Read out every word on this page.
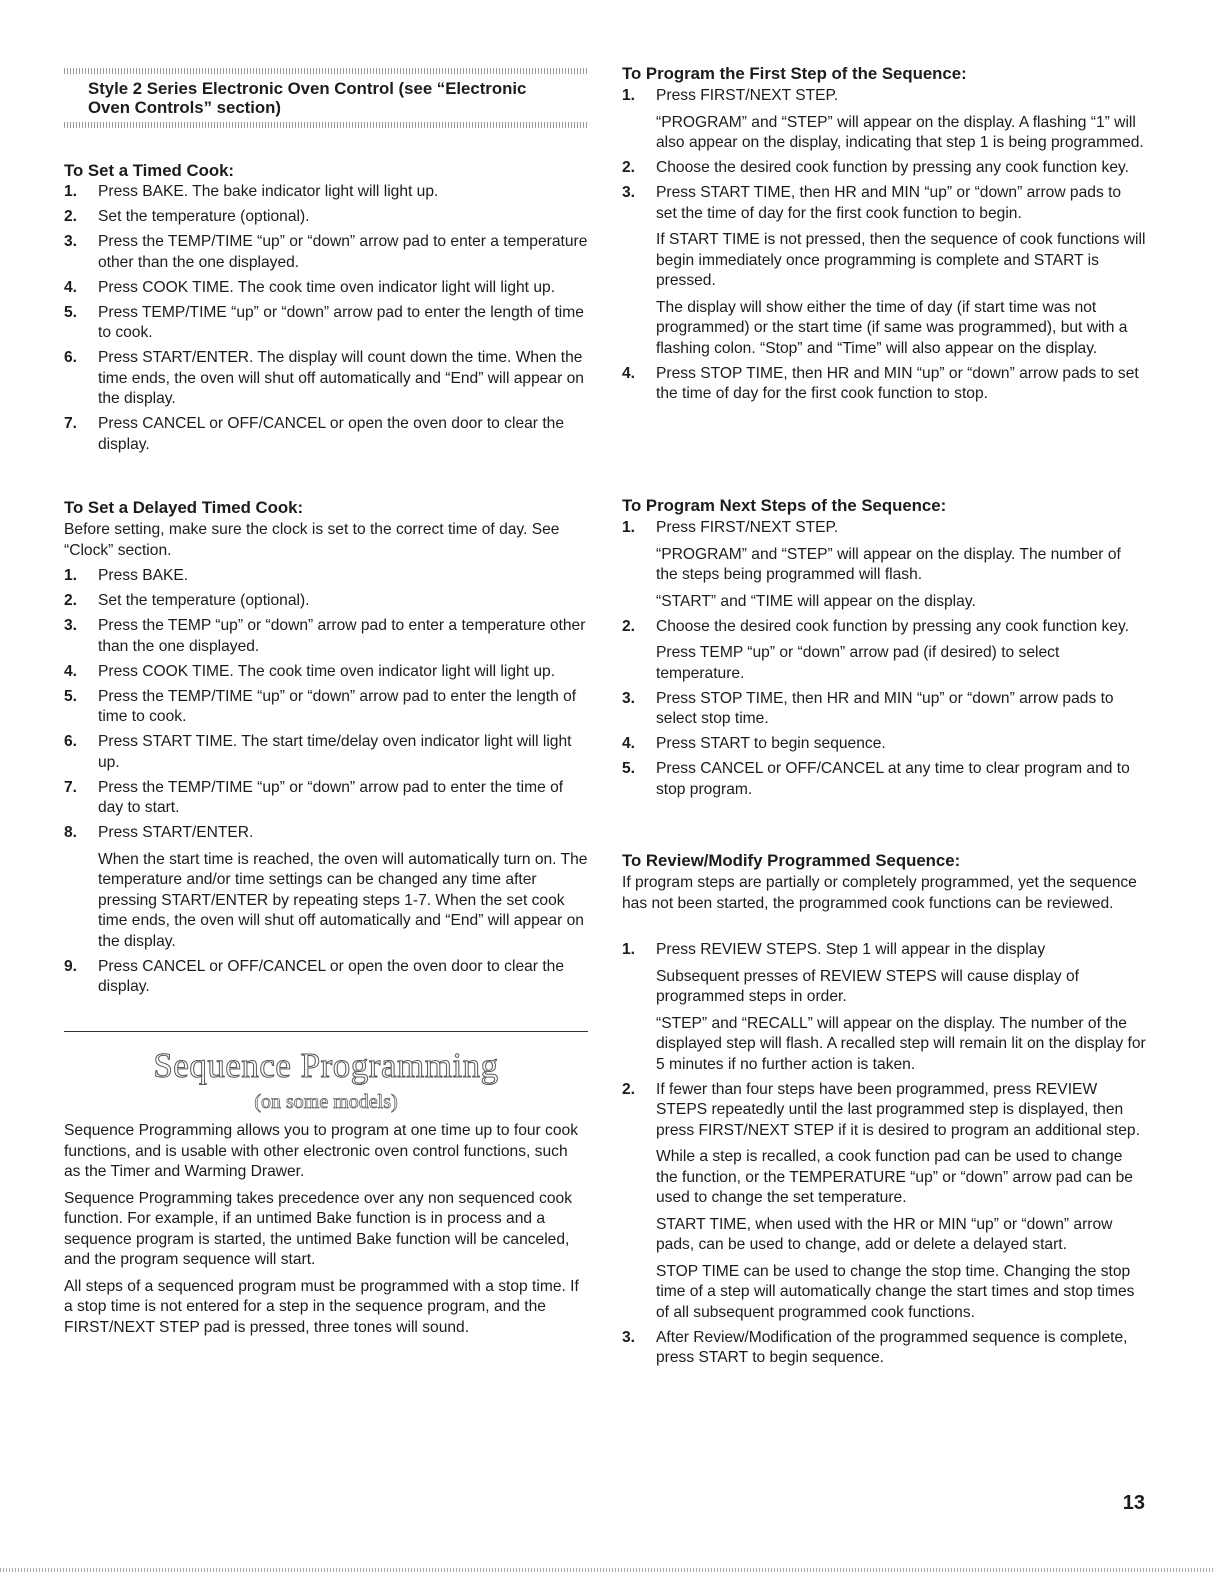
Style 2 Series Electronic Oven Control (see “Electronic Oven Controls” section)
To Set a Timed Cook:
1. Press BAKE. The bake indicator light will light up.
2. Set the temperature (optional).
3. Press the TEMP/TIME “up” or “down” arrow pad to enter a temperature other than the one displayed.
4. Press COOK TIME. The cook time oven indicator light will light up.
5. Press TEMP/TIME “up” or “down” arrow pad to enter the length of time to cook.
6. Press START/ENTER. The display will count down the time. When the time ends, the oven will shut off automatically and “End” will appear on the display.
7. Press CANCEL or OFF/CANCEL or open the oven door to clear the display.
To Set a Delayed Timed Cook:

Before setting, make sure the clock is set to the correct time of day. See “Clock” section.

1. Press BAKE.
2. Set the temperature (optional).
3. Press the TEMP “up” or “down” arrow pad to enter a temperature other than the one displayed.
4. Press COOK TIME. The cook time oven indicator light will light up.
5. Press the TEMP/TIME “up” or “down” arrow pad to enter the length of time to cook.
6. Press START TIME. The start time/delay oven indicator light will light up.
7. Press the TEMP/TIME “up” or “down” arrow pad to enter the time of day to start.
8. Press START/ENTER.
When the start time is reached, the oven will automatically turn on. The temperature and/or time settings can be changed any time after pressing START/ENTER by repeating steps 1-7. When the set cook time ends, the oven will shut off automatically and “End” will appear on the display.
9. Press CANCEL or OFF/CANCEL or open the oven door to clear the display.
Sequence Programming
(on some models)

Sequence Programming allows you to program at one time up to four cook functions, and is usable with other electronic oven control functions, such as the Timer and Warming Drawer.

Sequence Programming takes precedence over any non sequenced cook function. For example, if an untimed Bake function is in process and a sequence program is started, the untimed Bake function will be canceled, and the program sequence will start.

All steps of a sequenced program must be programmed with a stop time. If a stop time is not entered for a step in the sequence program, and the FIRST/NEXT STEP pad is pressed, three tones will sound.

To Program the First Step of the Sequence:
1. Press FIRST/NEXT STEP.
“PROGRAM” and “STEP” will appear on the display. A flashing “1” will also appear on the display, indicating that step 1 is being programmed.
2. Choose the desired cook function by pressing any cook function key.
3. Press START TIME, then HR and MIN “up” or “down” arrow pads to set the time of day for the first cook function to begin.
If START TIME is not pressed, then the sequence of cook functions will begin immediately once programming is complete and START is pressed.
The display will show either the time of day (if start time was not programmed) or the start time (if same was programmed), but with a flashing colon. “Stop” and “Time” will also appear on the display.
4. Press STOP TIME, then HR and MIN “up” or “down” arrow pads to set the time of day for the first cook function to stop.
To Program Next Steps of the Sequence:
1. Press FIRST/NEXT STEP.
“PROGRAM” and “STEP” will appear on the display. The number of the steps being programmed will flash.
“START” and “TIME will appear on the display.
2. Choose the desired cook function by pressing any cook function key.
Press TEMP “up” or “down” arrow pad (if desired) to select temperature.
3. Press STOP TIME, then HR and MIN “up” or “down” arrow pads to select stop time.
4. Press START to begin sequence.
5. Press CANCEL or OFF/CANCEL at any time to clear program and to stop program.
To Review/Modify Programmed Sequence:

If program steps are partially or completely programmed, yet the sequence has not been started, the programmed cook functions can be reviewed.

1. Press REVIEW STEPS. Step 1 will appear in the display
Subsequent presses of REVIEW STEPS will cause display of programmed steps in order.
“STEP” and “RECALL” will appear on the display. The number of the displayed step will flash. A recalled step will remain lit on the display for 5 minutes if no further action is taken.
2. If fewer than four steps have been programmed, press REVIEW STEPS repeatedly until the last programmed step is displayed, then press FIRST/NEXT STEP if it is desired to program an additional step.
While a step is recalled, a cook function pad can be used to change the function, or the TEMPERATURE “up” or “down” arrow pad can be used to change the set temperature.
START TIME, when used with the HR or MIN “up” or “down” arrow pads, can be used to change, add or delete a delayed start.
STOP TIME can be used to change the stop time. Changing the stop time of a step will automatically change the start times and stop times of all subsequent programmed cook functions.
3. After Review/Modification of the programmed sequence is complete, press START to begin sequence.
13
